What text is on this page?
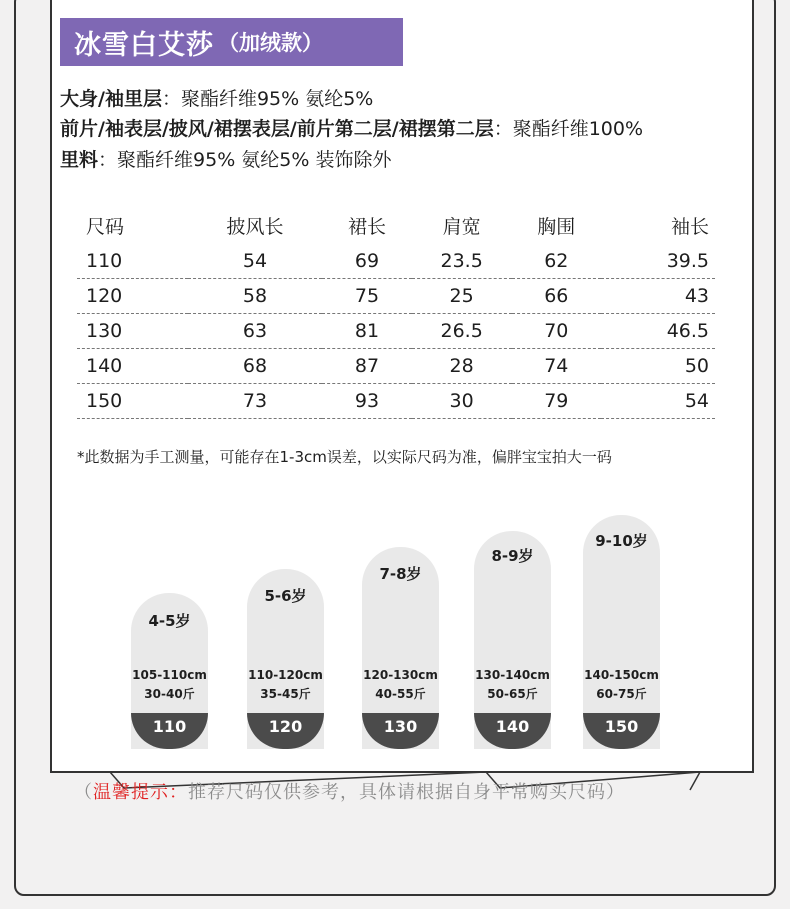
冰雪白艾莎 （加绒款）
大身/袖里层：聚酯纤维95% 氨纶5%
前片/袖表层/披风/裙摆表层/前片第二层/裙摆第二层：聚酯纤维100%
里料：聚酯纤维95% 氨纶5% 装饰除外
尺码	披风长	裙长	肩宽	胸围	袖长
110	54	69	23.5	62	39.5
120	58	75	25	66	43
130	63	81	26.5	70	46.5
140	68	87	28	74	50
150	73	93	30	79	54
*此数据为手工测量，可能存在1-3cm误差，以实际尺码为准，偏胖宝宝拍大一码
4-5岁
105-110cm
30-40斤
110
5-6岁
110-120cm
35-45斤
120
7-8岁
120-130cm
40-55斤
130
8-9岁
130-140cm
50-65斤
140
9-10岁
140-150cm
60-75斤
150
（温馨提示：推荐尺码仅供参考，具体请根据自身平常购买尺码）
